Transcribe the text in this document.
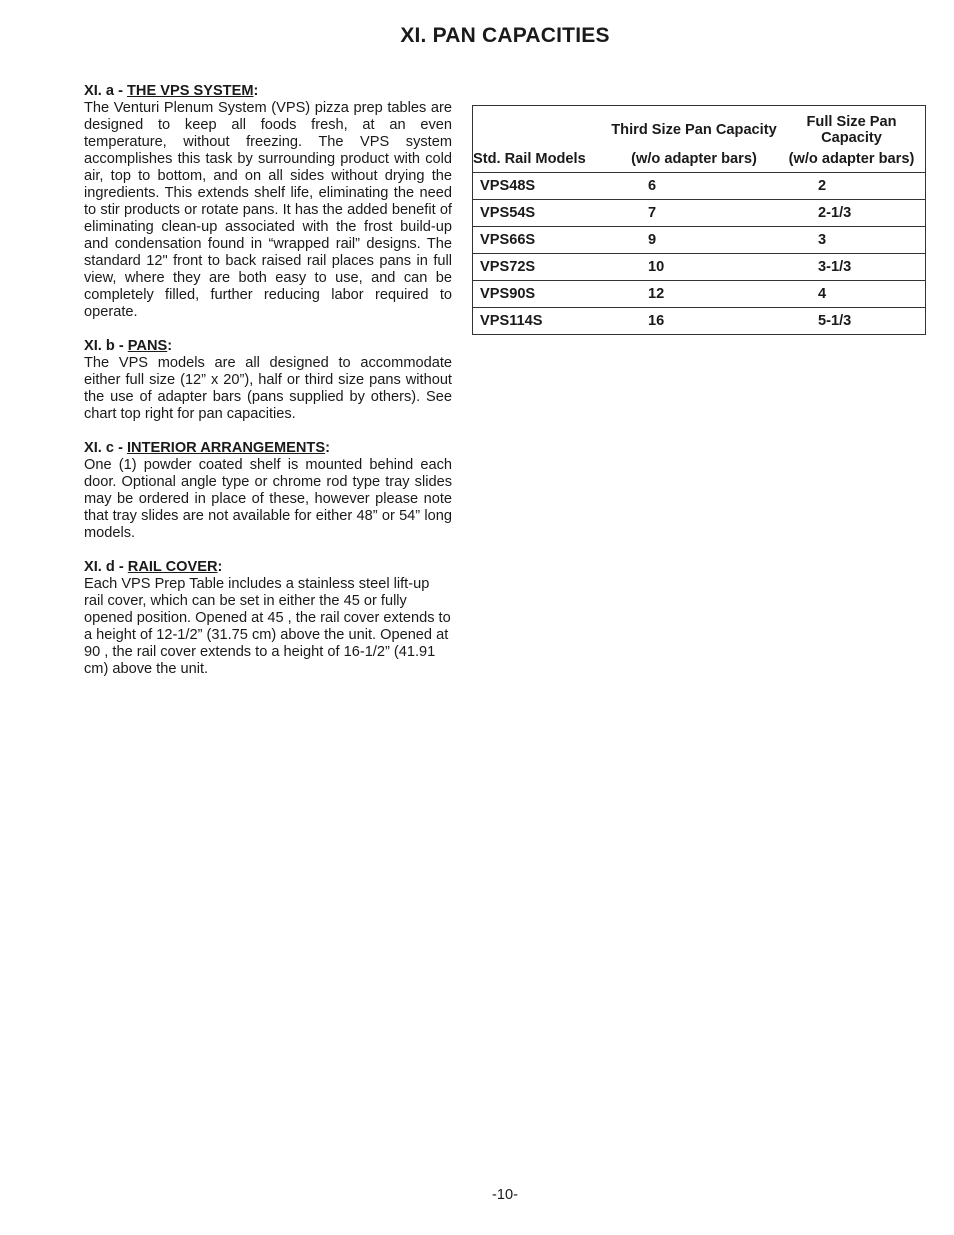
XI. PAN CAPACITIES
XI. a - THE VPS SYSTEM:
The Venturi Plenum System (VPS) pizza prep tables are designed to keep all foods fresh, at an even temperature, without freezing. The VPS system accomplishes this task by surrounding product with cold air, top to bottom, and on all sides without drying the ingredients. This extends shelf life, eliminating the need to stir products or rotate pans. It has the added benefit of eliminating clean-up associated with the frost build-up and condensation found in “wrapped rail” designs. The standard 12" front to back raised rail places pans in full view, where they are both easy to use, and can be completely filled, further reducing labor required to operate.
XI. b - PANS:
The VPS models are all designed to accommodate either full size (12” x 20”), half or third size pans without the use of adapter bars (pans supplied by others). See chart top right for pan capacities.
XI. c - INTERIOR ARRANGEMENTS:
One (1) powder coated shelf is mounted behind each door. Optional angle type or chrome rod type tray slides may be ordered in place of these, however please note that tray slides are not available for either 48” or 54” long models.
XI. d - RAIL COVER:
Each VPS Prep Table includes a stainless steel lift-up rail cover, which can be set in either the 45 or fully opened position. Opened at 45 , the rail cover extends to a height of 12-1/2” (31.75 cm) above the unit. Opened at 90 , the rail cover extends to a height of 16-1/2” (41.91 cm) above the unit.
	Third Size Pan Capacity	Full Size Pan Capacity
Std. Rail Models	(w/o adapter bars)	(w/o adapter bars)
VPS48S	6	2
VPS54S	7	2-1/3
VPS66S	9	3
VPS72S	10	3-1/3
VPS90S	12	4
VPS114S	16	5-1/3
-10-
